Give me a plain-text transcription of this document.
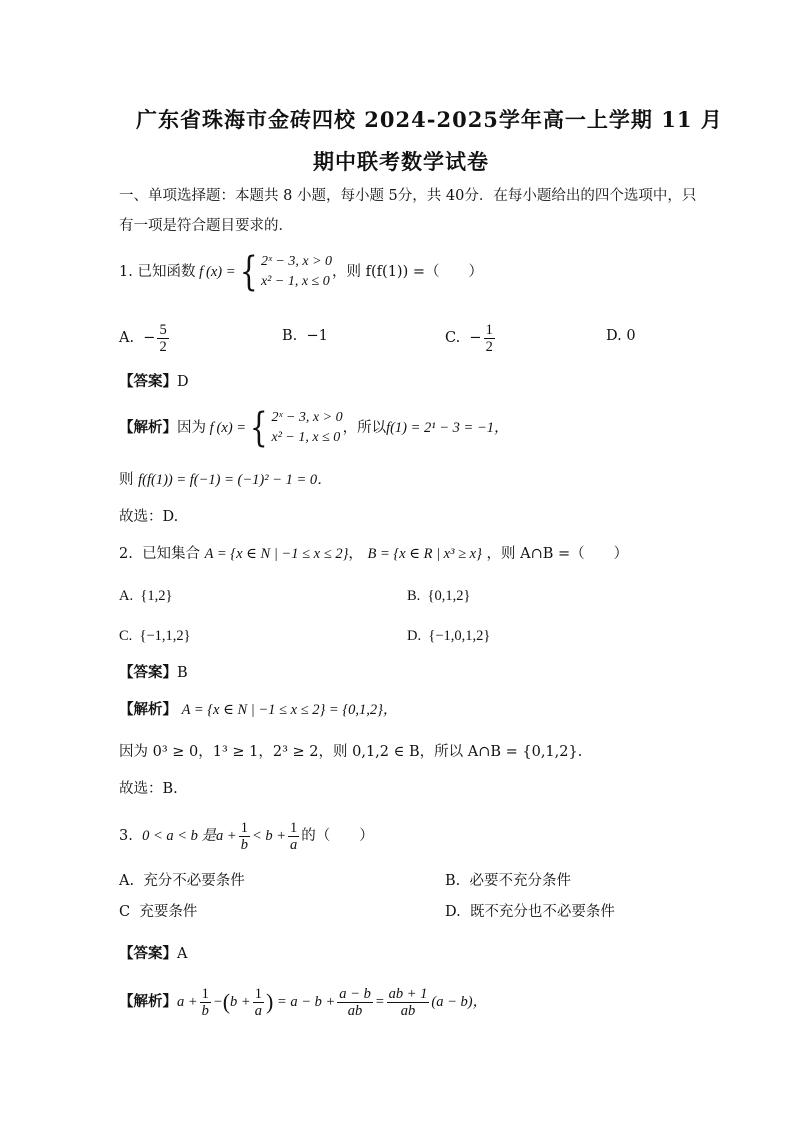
广东省珠海市金砖四校 2024-2025学年高一上学期 11 月
期中联考数学试卷
一、单项选择题：本题共 8 小题，每小题 5分，共 40分．在每小题给出的四个选项中，只
有一项是符合题目要求的．
1.
已知函数 f (x) = { 2ˣ − 3, x > 0
x² − 1, x ≤ 0
，则 f(f(1)) =（　　）
A. − $\frac{5}{2}$	B. −1	C. − $\frac{1}{2}$	D. 0
【答案】D
【解析】 因为 f (x) = { 2ˣ − 3, x > 0
x² − 1, x ≤ 0
，所以 f(1) = 2¹ − 3 = −1，
则 f(f(1)) = f(−1) = (−1)² − 1 = 0．
故选：D.
2. 已知集合 A = {x ∈ N | −1 ≤ x ≤ 2}， B = {x ∈ R | x³ ≥ x} ，则 A∩B =（　　）
A. {1,2}	B. {0,1,2}
C. {−1,1,2}	D. {−1,0,1,2}
【答案】B
【解析】 A = {x ∈ N | −1 ≤ x ≤ 2} = {0,1,2}，
因为 0³ ≥ 0，1³ ≥ 1，2³ ≥ 2，则 0,1,2 ∈ B，所以 A∩B = {0,1,2}.
故选：B.
3.
0 < a < b 是 $a + \frac{1}{b} < b + \frac{1}{a}$ 的（　　）
A. 充分不必要条件	B. 必要不充分条件
C 充要条件	D. 既不充分也不必要条件
【答案】A
【解析】 $a + \frac{1}{b}$ − ( $b + \frac{1}{a}$ ) = $a - b + \frac{a - b}{ab} = \frac{ab + 1}{ab} (a - b)$，
